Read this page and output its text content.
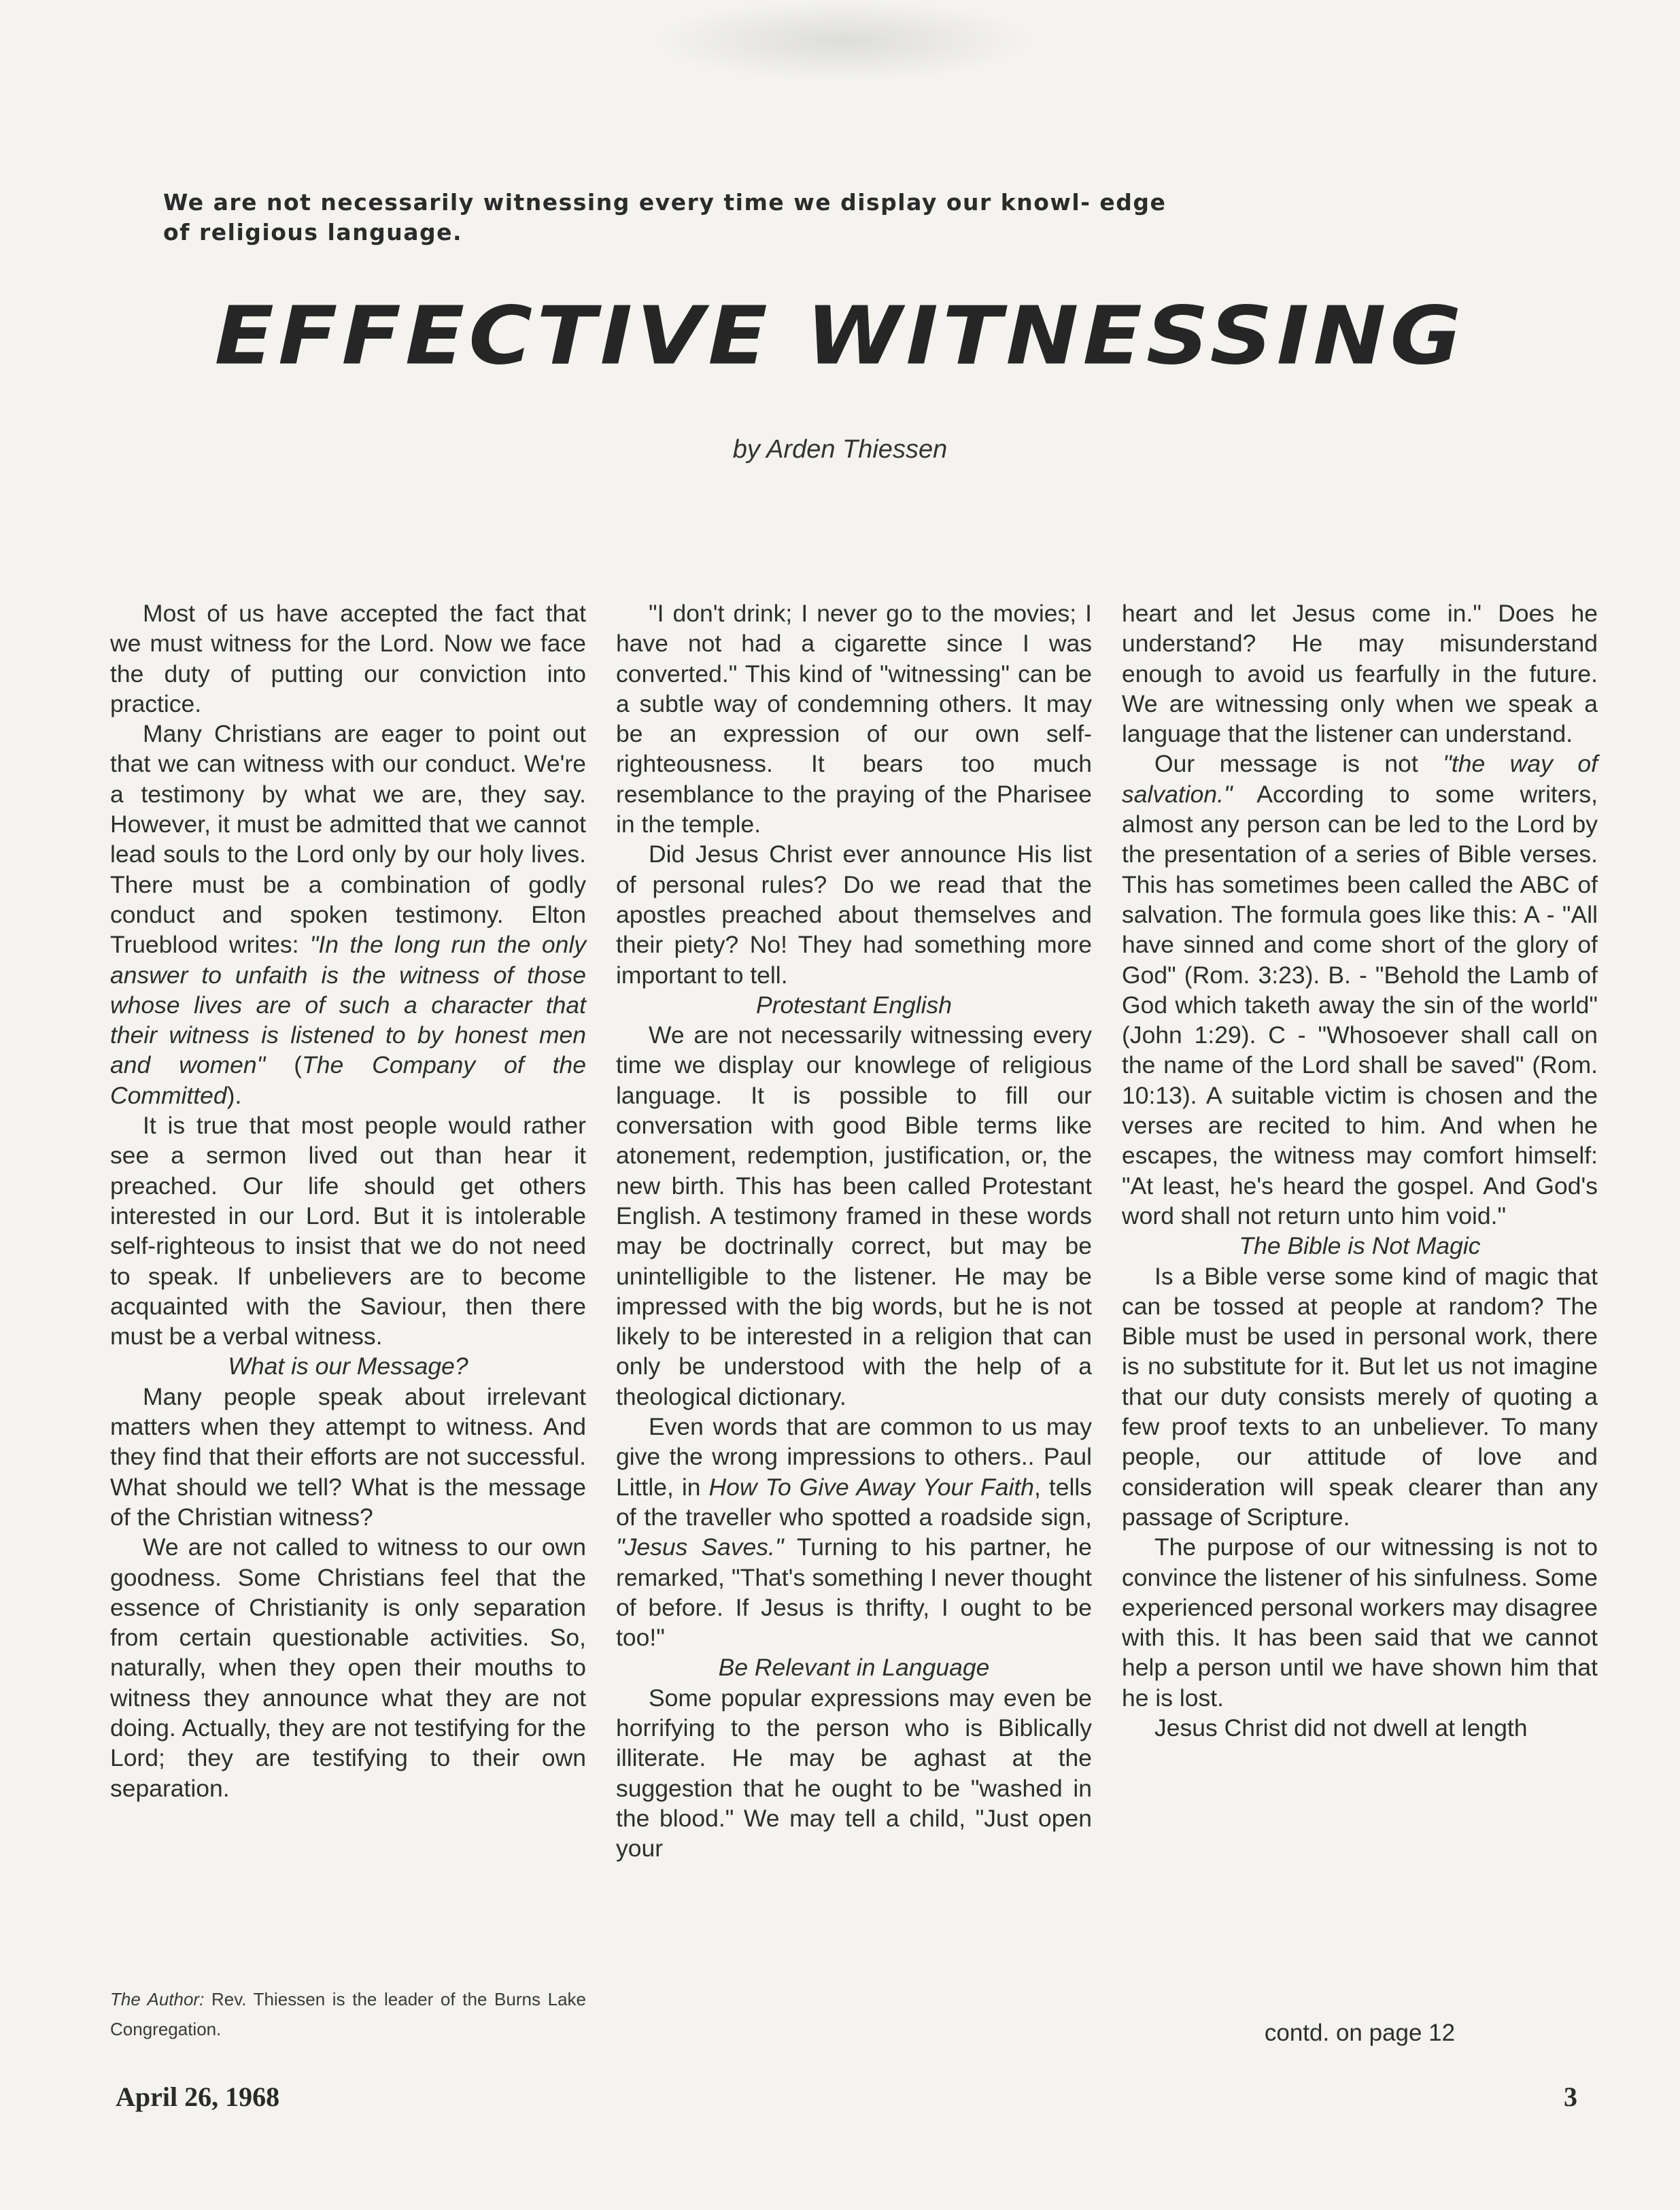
We are not necessarily witnessing every time we display our knowl- edge of religious language.
EFFECTIVE WITNESSING
by Arden Thiessen

Most of us have accepted the fact that we must witness for the Lord. Now we face the duty of putting our conviction into practice.

Many Christians are eager to point out that we can witness with our conduct. We're a testimony by what we are, they say. However, it must be admitted that we cannot lead souls to the Lord only by our holy lives. There must be a combination of godly conduct and spoken testimony. Elton Trueblood writes: "In the long run the only answer to unfaith is the witness of those whose lives are of such a character that their witness is listened to by honest men and women" (The Company of the Committed).

It is true that most people would rather see a sermon lived out than hear it preached. Our life should get others interested in our Lord. But it is intolerable self-righteous to insist that we do not need to speak. If unbelievers are to become acquainted with the Saviour, then there must be a verbal witness.

What is our Message?

Many people speak about irrelevant matters when they attempt to witness. And they find that their efforts are not successful. What should we tell? What is the message of the Christian witness?

We are not called to witness to our own goodness. Some Christians feel that the essence of Christianity is only separation from certain questionable activities. So, naturally, when they open their mouths to witness they announce what they are not doing. Actually, they are not testifying for the Lord; they are testifying to their own separation.

"I don't drink; I never go to the movies; I have not had a cigarette since I was converted." This kind of "witnessing" can be a subtle way of condemning others. It may be an expression of our own self-righteousness. It bears too much resemblance to the praying of the Pharisee in the temple.

Did Jesus Christ ever announce His list of personal rules? Do we read that the apostles preached about themselves and their piety? No! They had something more important to tell.

Protestant English

We are not necessarily witnessing every time we display our knowlege of religious language. It is possible to fill our conversation with good Bible terms like atonement, redemption, justification, or, the new birth. This has been called Protestant English. A testimony framed in these words may be doctrinally correct, but may be unintelligible to the listener. He may be impressed with the big words, but he is not likely to be interested in a religion that can only be understood with the help of a theological dictionary.

Even words that are common to us may give the wrong impressions to others.. Paul Little, in How To Give Away Your Faith, tells of the traveller who spotted a roadside sign, "Jesus Saves." Turning to his partner, he remarked, "That's something I never thought of before. If Jesus is thrifty, I ought to be too!"

Be Relevant in Language

Some popular expressions may even be horrifying to the person who is Biblically illiterate. He may be aghast at the suggestion that he ought to be "washed in the blood." We may tell a child, "Just open your

heart and let Jesus come in." Does he understand? He may misunderstand enough to avoid us fearfully in the future. We are witnessing only when we speak a language that the listener can understand.

Our message is not "the way of salvation." According to some writers, almost any person can be led to the Lord by the presentation of a series of Bible verses. This has sometimes been called the ABC of salvation. The formula goes like this: A - "All have sinned and come short of the glory of God" (Rom. 3:23). B. - "Behold the Lamb of God which taketh away the sin of the world" (John 1:29). C - "Whosoever shall call on the name of the Lord shall be saved" (Rom. 10:13). A suitable victim is chosen and the verses are recited to him. And when he escapes, the witness may comfort himself: "At least, he's heard the gospel. And God's word shall not return unto him void."

The Bible is Not Magic

Is a Bible verse some kind of magic that can be tossed at people at random? The Bible must be used in personal work, there is no substitute for it. But let us not imagine that our duty consists merely of quoting a few proof texts to an unbeliever. To many people, our attitude of love and consideration will speak clearer than any passage of Scripture.

The purpose of our witnessing is not to convince the listener of his sinfulness. Some experienced personal workers may disagree with this. It has been said that we cannot help a person until we have shown him that he is lost.

Jesus Christ did not dwell at length

The Author: Rev. Thiessen is the leader of the Burns Lake Congregation.	contd. on page 12
April 26, 1968	3
